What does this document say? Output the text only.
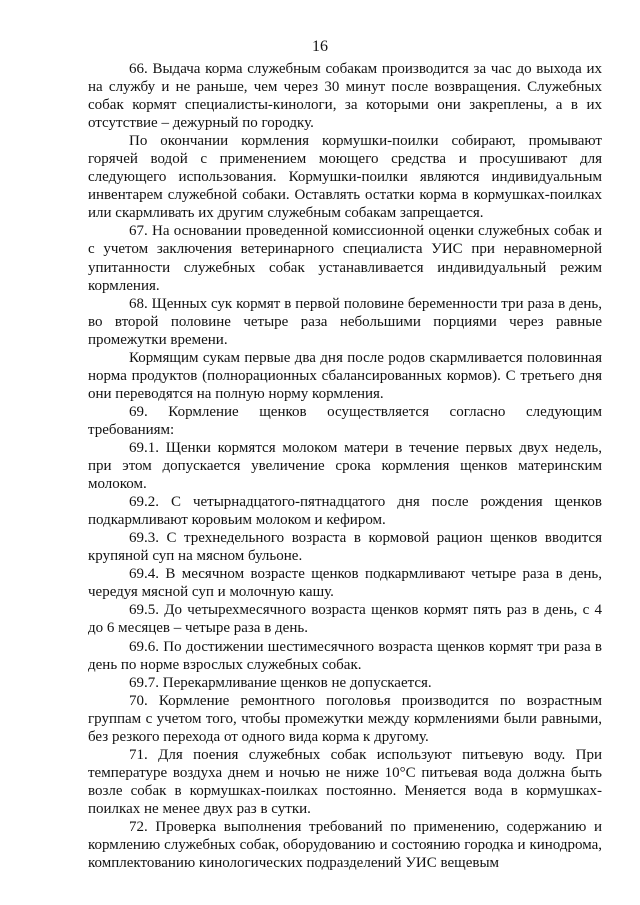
16

66. Выдача корма служебным собакам производится за час до выхода их на службу и не раньше, чем через 30 минут после возвращения. Служебных собак кормят специалисты-кинологи, за которыми они закреплены, а в их отсутствие – дежурный по городку.

По окончании кормления кормушки-поилки собирают, промывают горячей водой с применением моющего средства и просушивают для следующего использования. Кормушки-поилки являются индивидуальным инвентарем служебной собаки. Оставлять остатки корма в кормушках-поилках или скармливать их другим служебным собакам запрещается.

67. На основании проведенной комиссионной оценки служебных собак и с учетом заключения ветеринарного специалиста УИС при неравномерной упитанности служебных собак устанавливается индивидуальный режим кормления.

68. Щенных сук кормят в первой половине беременности три раза в день, во второй половине четыре раза небольшими порциями через равные промежутки времени.

Кормящим сукам первые два дня после родов скармливается половинная норма продуктов (полнорационных сбалансированных кормов). С третьего дня они переводятся на полную норму кормления.

69. Кормление щенков осуществляется согласно следующим требованиям:

69.1. Щенки кормятся молоком матери в течение первых двух недель, при этом допускается увеличение срока кормления щенков материнским молоком.

69.2. С четырнадцатого-пятнадцатого дня после рождения щенков подкармливают коровьим молоком и кефиром.

69.3. С трехнедельного возраста в кормовой рацион щенков вводится крупяной суп на мясном бульоне.

69.4. В месячном возрасте щенков подкармливают четыре раза в день, чередуя мясной суп и молочную кашу.

69.5. До четырехмесячного возраста щенков кормят пять раз в день, с 4 до 6 месяцев – четыре раза в день.

69.6. По достижении шестимесячного возраста щенков кормят три раза в день по норме взрослых служебных собак.

69.7. Перекармливание щенков не допускается.

70. Кормление ремонтного поголовья производится по возрастным группам с учетом того, чтобы промежутки между кормлениями были равными, без резкого перехода от одного вида корма к другому.

71. Для поения служебных собак используют питьевую воду. При температуре воздуха днем и ночью не ниже 10°С питьевая вода должна быть возле собак в кормушках-поилках постоянно. Меняется вода в кормушках-поилках не менее двух раз в сутки.

72. Проверка выполнения требований по применению, содержанию и кормлению служебных собак, оборудованию и состоянию городка и кинодрома, комплектованию кинологических подразделений УИС вещевым
